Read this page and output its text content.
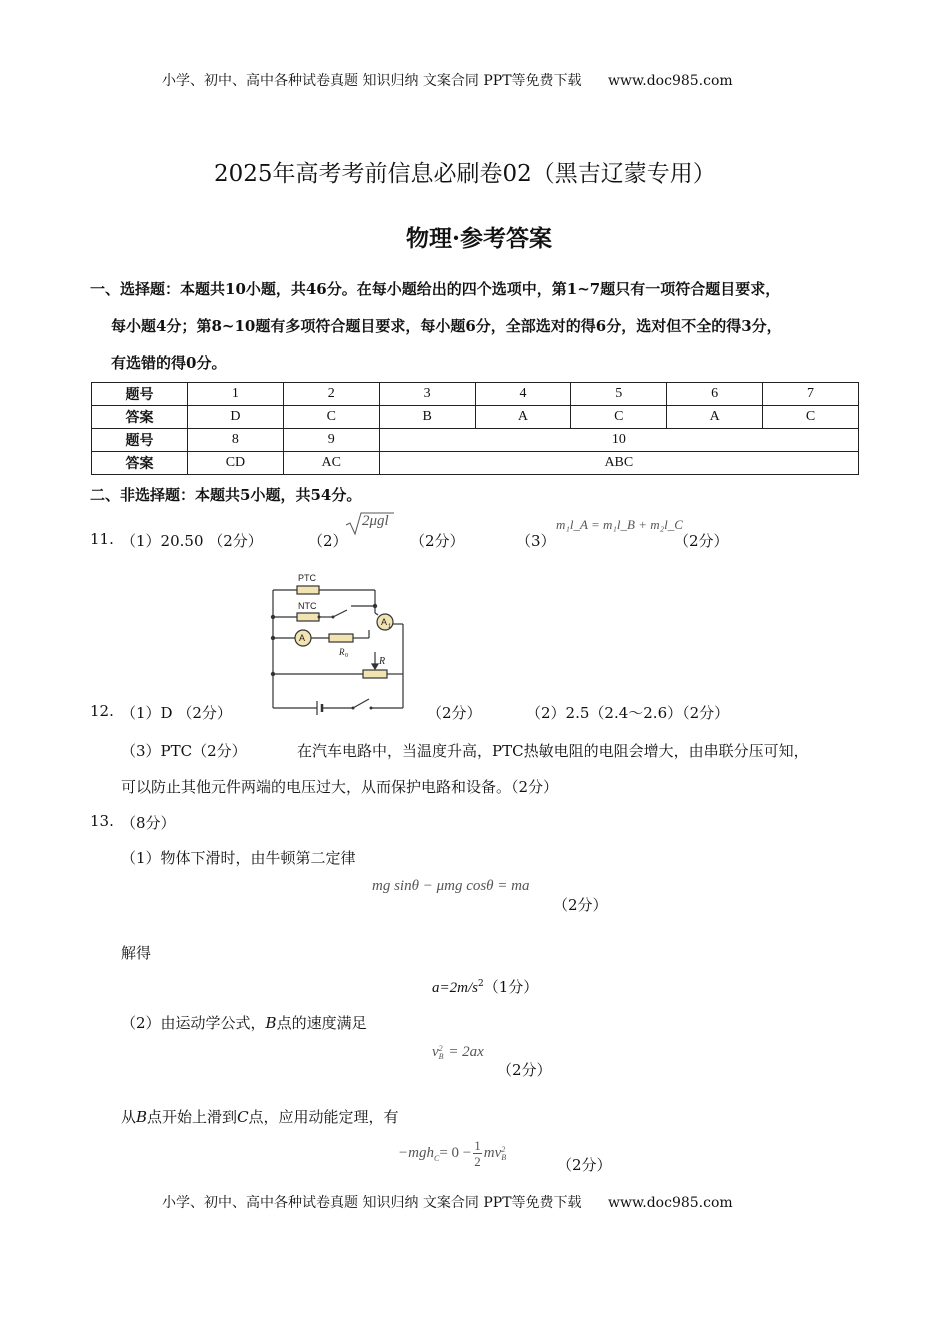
小学、初中、高中各种试卷真题 知识归纳 文案合同 PPT等免费下载 www.doc985.com
2025年高考考前信息必刷卷02（黑吉辽蒙专用）
物理·参考答案
一、选择题：本题共10小题，共46分。在每小题给出的四个选项中，第1~7题只有一项符合题目要求，
每小题4分；第8~10题有多项符合题目要求，每小题6分，全部选对的得6分，选对但不全的得3分，
有选错的得0分。
题号	1	2	3	4	5	6	7
答案	D	C	B	A	C	A	C
题号	8	9	10				
答案	CD	AC	ABC				
二、非选择题：本题共5小题，共54分。
11. （1）20.50 （2分）	（2）
2μgl
（2分）	（3）
m₁l_A = m₁l_B + m₂l_C
（2分）
PTC
NTC
A 1
A
R
R 0
12. （1）D （2分）	（2分）	（2）2.5（2.4～2.6）（2分）
（3）PTC（2分）	在汽车电路中，当温度升高，PTC热敏电阻的电阻会增大，由串联分压可知，
可以防止其他元件两端的电压过大，从而保护电路和设备。（2分）
13. （8分）
（1）物体下滑时，由牛顿第二定律
mg sinθ − μmg cosθ = ma
（2分）
解得
$a=2m/s^2(1$分）
（2）由运动学公式，B点的速度满足
v 2
B = 2ax
（2分）
从B点开始上滑到C点，应用动能定理，有
−mgh $C = 0 - \frac{1}{2}$ mv 2
B	（2分）
小学、初中、高中各种试卷真题 知识归纳 文案合同 PPT等免费下载 www.doc985.com
